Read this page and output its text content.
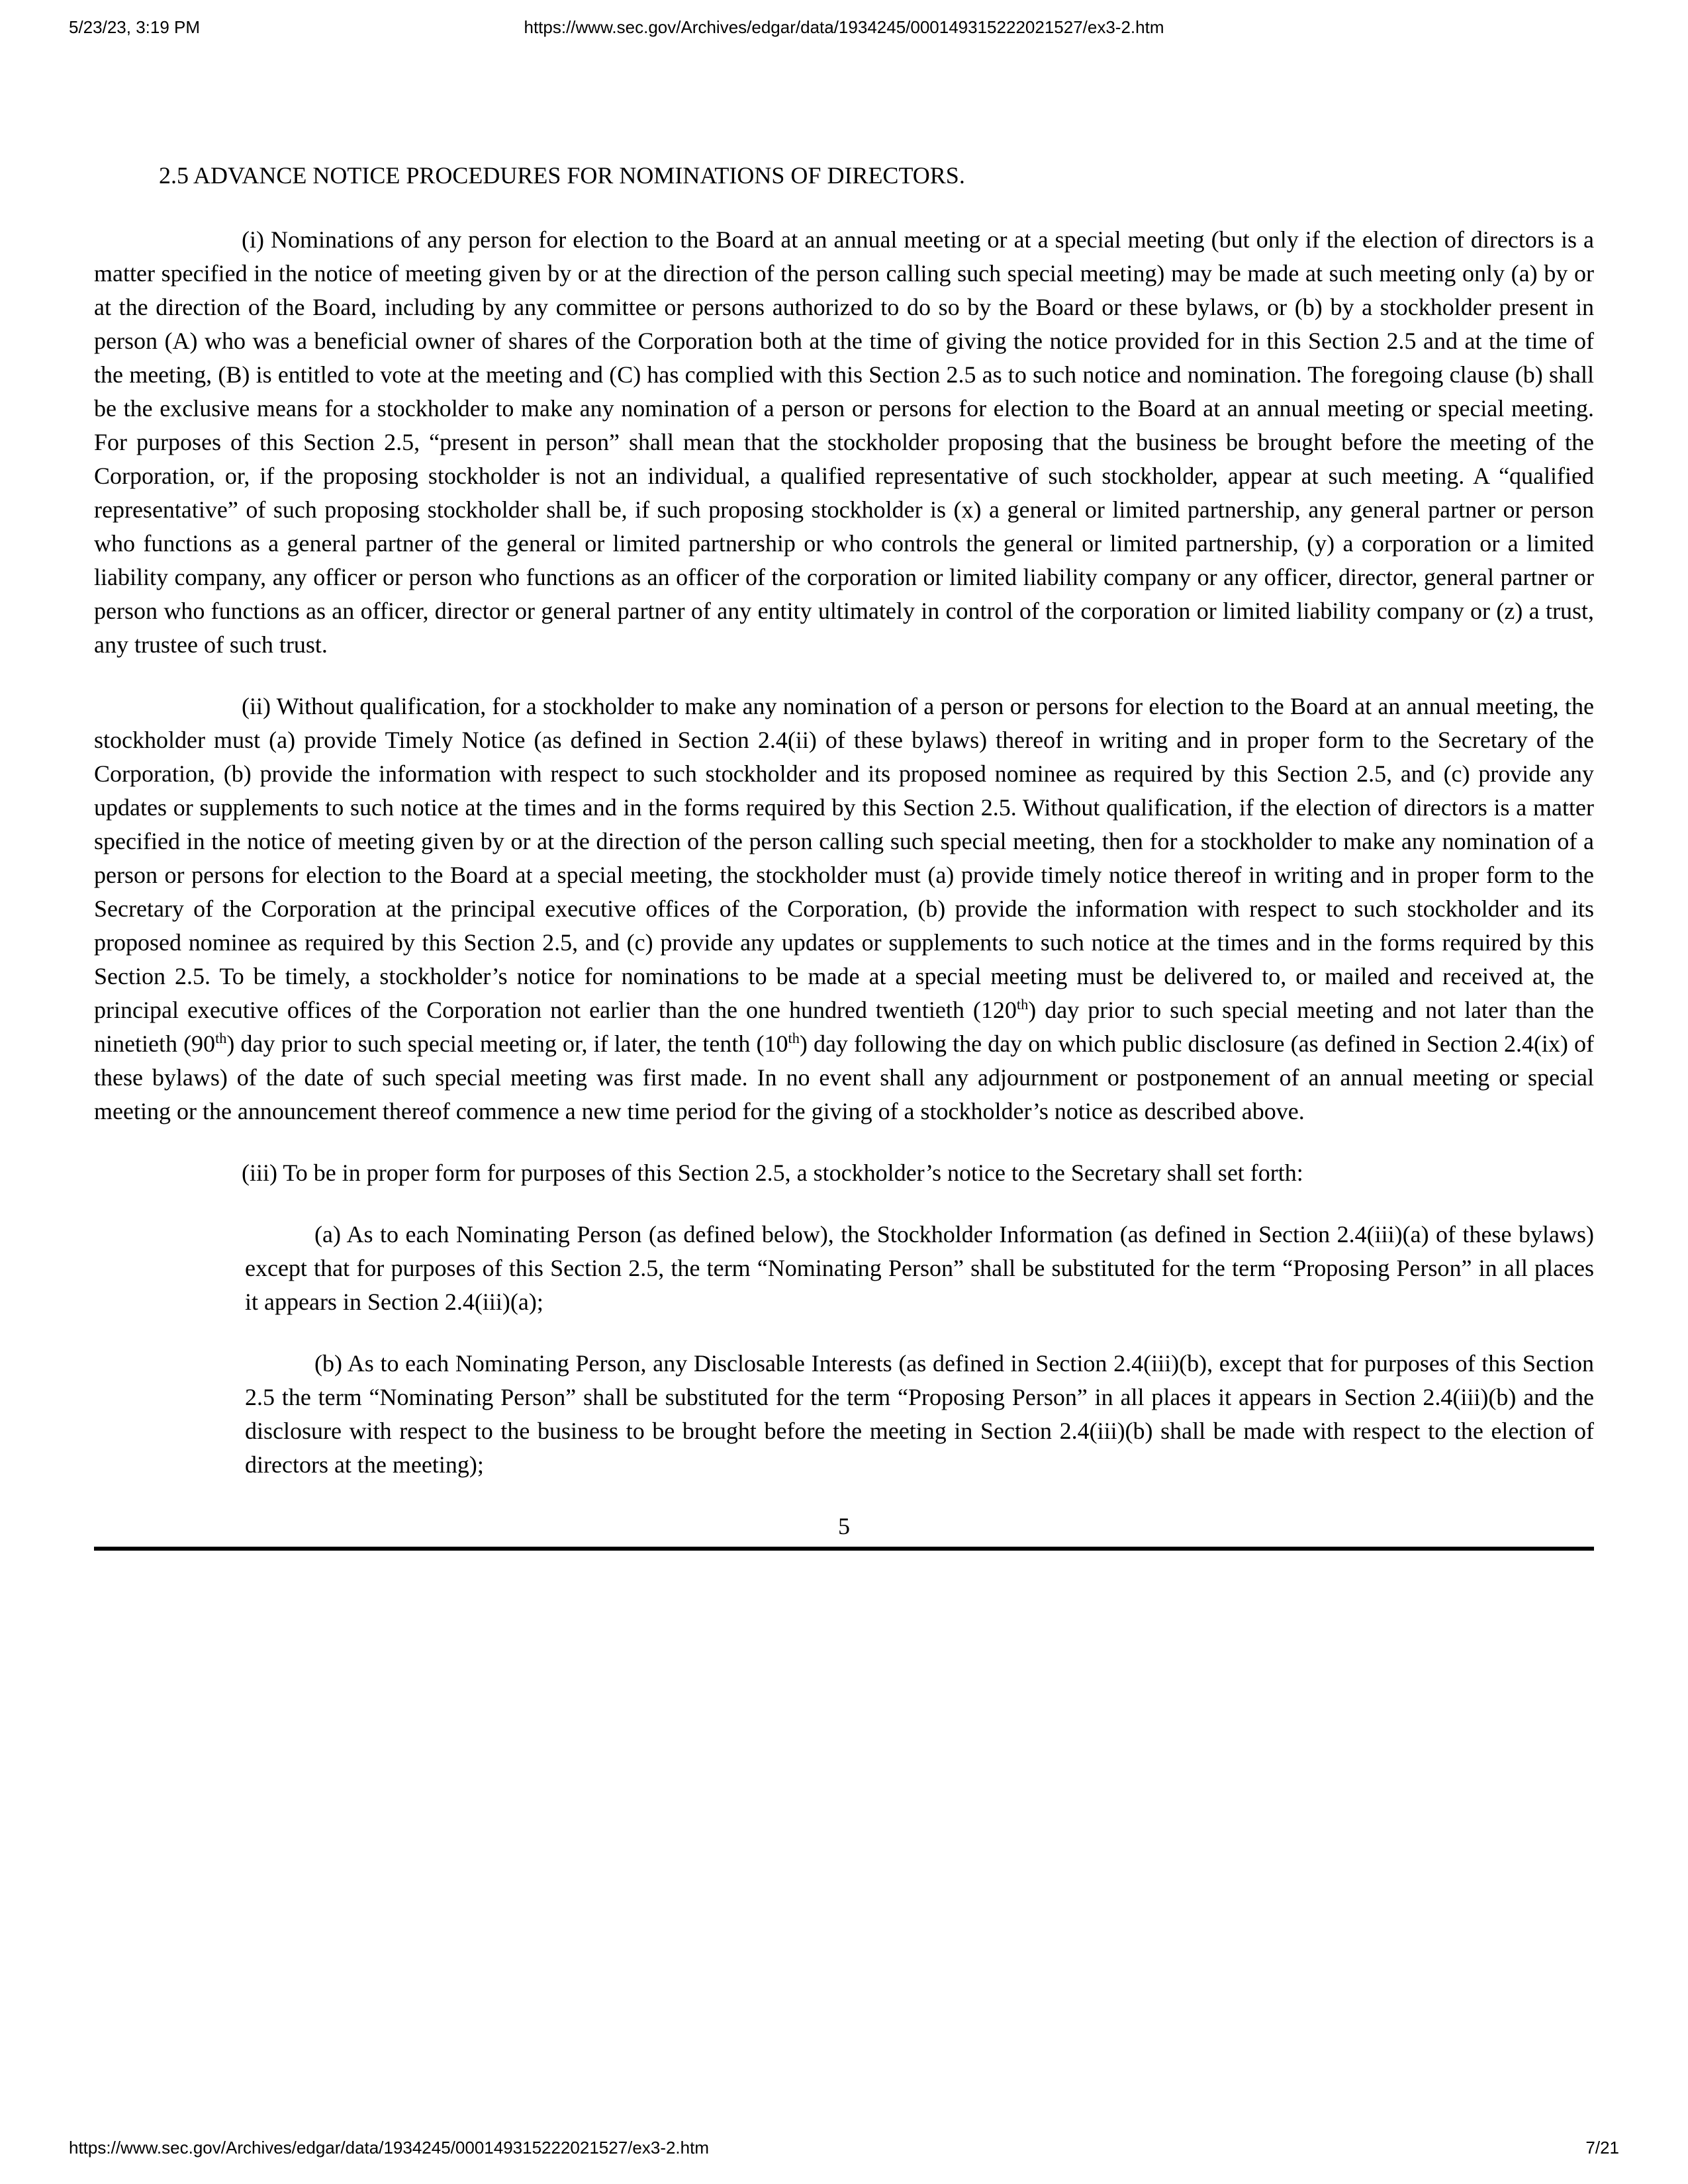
5/23/23, 3:19 PM	https://www.sec.gov/Archives/edgar/data/1934245/000149315222021527/ex3-2.htm

2.5 ADVANCE NOTICE PROCEDURES FOR NOMINATIONS OF DIRECTORS.

(i) Nominations of any person for election to the Board at an annual meeting or at a special meeting (but only if the election of directors is a matter specified in the notice of meeting given by or at the direction of the person calling such special meeting) may be made at such meeting only (a) by or at the direction of the Board, including by any committee or persons authorized to do so by the Board or these bylaws, or (b) by a stockholder present in person (A) who was a beneficial owner of shares of the Corporation both at the time of giving the notice provided for in this Section 2.5 and at the time of the meeting, (B) is entitled to vote at the meeting and (C) has complied with this Section 2.5 as to such notice and nomination. The foregoing clause (b) shall be the exclusive means for a stockholder to make any nomination of a person or persons for election to the Board at an annual meeting or special meeting. For purposes of this Section 2.5, “present in person” shall mean that the stockholder proposing that the business be brought before the meeting of the Corporation, or, if the proposing stockholder is not an individual, a qualified representative of such stockholder, appear at such meeting. A “qualified representative” of such proposing stockholder shall be, if such proposing stockholder is (x) a general or limited partnership, any general partner or person who functions as a general partner of the general or limited partnership or who controls the general or limited partnership, (y) a corporation or a limited liability company, any officer or person who functions as an officer of the corporation or limited liability company or any officer, director, general partner or person who functions as an officer, director or general partner of any entity ultimately in control of the corporation or limited liability company or (z) a trust, any trustee of such trust.

(ii) Without qualification, for a stockholder to make any nomination of a person or persons for election to the Board at an annual meeting, the stockholder must (a) provide Timely Notice (as defined in Section 2.4(ii) of these bylaws) thereof in writing and in proper form to the Secretary of the Corporation, (b) provide the information with respect to such stockholder and its proposed nominee as required by this Section 2.5, and (c) provide any updates or supplements to such notice at the times and in the forms required by this Section 2.5. Without qualification, if the election of directors is a matter specified in the notice of meeting given by or at the direction of the person calling such special meeting, then for a stockholder to make any nomination of a person or persons for election to the Board at a special meeting, the stockholder must (a) provide timely notice thereof in writing and in proper form to the Secretary of the Corporation at the principal executive offices of the Corporation, (b) provide the information with respect to such stockholder and its proposed nominee as required by this Section 2.5, and (c) provide any updates or supplements to such notice at the times and in the forms required by this Section 2.5. To be timely, a stockholder’s notice for nominations to be made at a special meeting must be delivered to, or mailed and received at, the principal executive offices of the Corporation not earlier than the one hundred twentieth (120th) day prior to such special meeting and not later than the ninetieth (90th) day prior to such special meeting or, if later, the tenth (10th) day following the day on which public disclosure (as defined in Section 2.4(ix) of these bylaws) of the date of such special meeting was first made. In no event shall any adjournment or postponement of an annual meeting or special meeting or the announcement thereof commence a new time period for the giving of a stockholder’s notice as described above.

(iii) To be in proper form for purposes of this Section 2.5, a stockholder’s notice to the Secretary shall set forth:

(a) As to each Nominating Person (as defined below), the Stockholder Information (as defined in Section 2.4(iii)(a) of these bylaws) except that for purposes of this Section 2.5, the term “Nominating Person” shall be substituted for the term “Proposing Person” in all places it appears in Section 2.4(iii)(a);

(b) As to each Nominating Person, any Disclosable Interests (as defined in Section 2.4(iii)(b), except that for purposes of this Section 2.5 the term “Nominating Person” shall be substituted for the term “Proposing Person” in all places it appears in Section 2.4(iii)(b) and the disclosure with respect to the business to be brought before the meeting in Section 2.4(iii)(b) shall be made with respect to the election of directors at the meeting);

5
https://www.sec.gov/Archives/edgar/data/1934245/000149315222021527/ex3-2.htm	7/21
